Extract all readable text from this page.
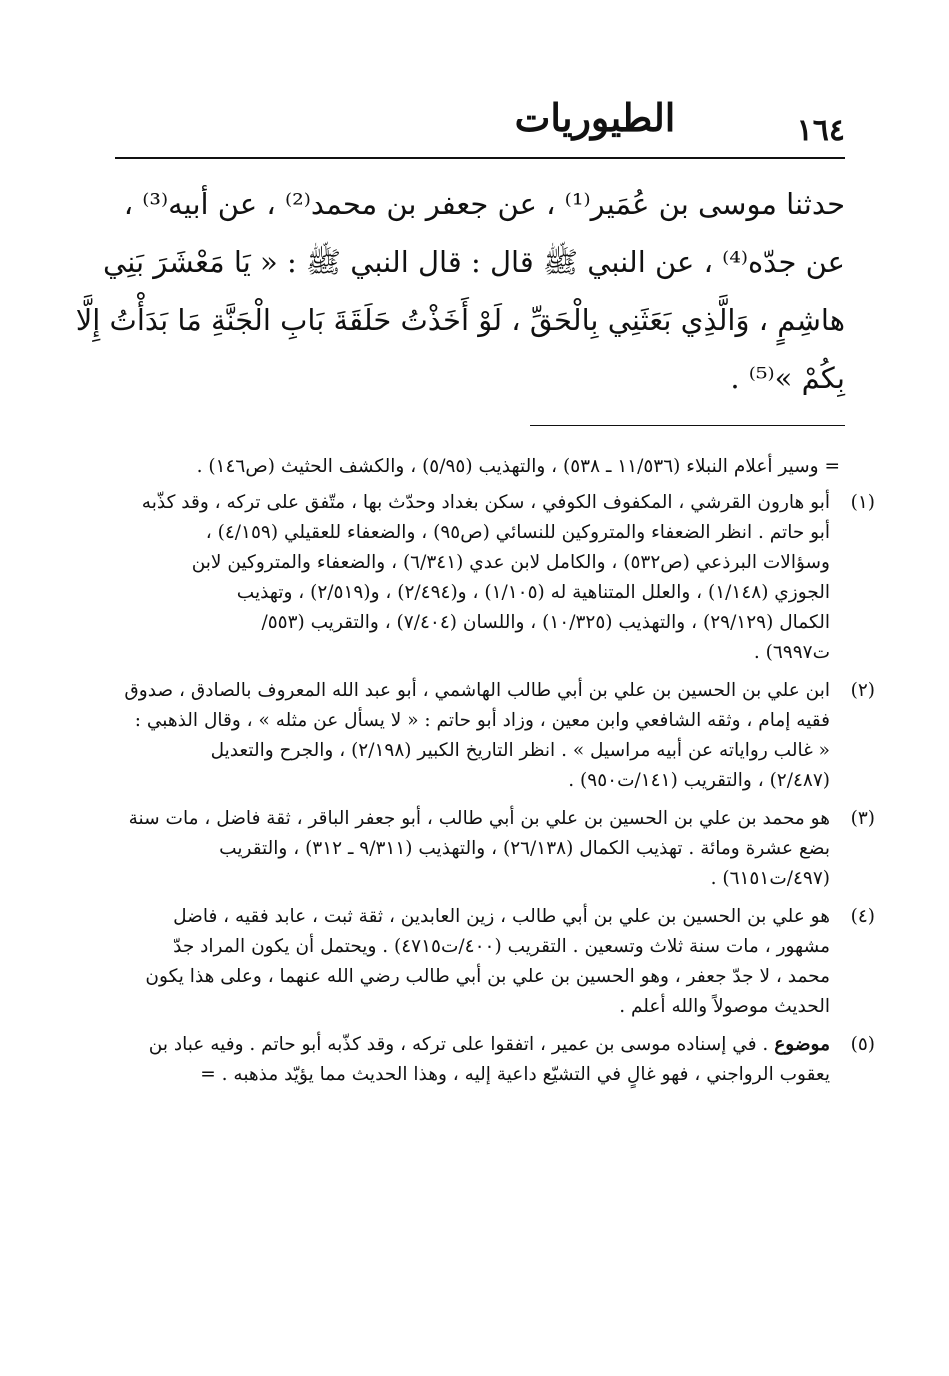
الطيوريات	١٦٤
حدثنا موسى بن عُمَير⁽¹⁾ ، عن جعفر بن محمد⁽²⁾ ، عن أبيه⁽³⁾ ،
عن جدّه⁽⁴⁾ ، عن النبي ﷺ قال : قال النبي ﷺ : « يَا مَعْشَرَ بَنِي
هاشِمٍ ، وَالَّذِي بَعَثَنِي بِالْحَقِّ ، لَوْ أَخَذْتُ حَلَقَةَ بَابِ الْجَنَّةِ مَا بَدَأْتُ إِلَّا
بِكُمْ »⁽⁵⁾ .
= وسير أعلام النبلاء (١١/٥٣٦ ـ ٥٣٨) ، والتهذيب (٥/٩٥) ، والكشف الحثيث (ص١٤٦) .
(١)
أبو هارون القرشي ، المكفوف الكوفي ، سكن بغداد وحدّث بها ، متّفق على تركه ، وقد كذّبه
أبو حاتم . انظر الضعفاء والمتروكين للنسائي (ص٩٥) ، والضعفاء للعقيلي (٤/١٥٩) ،
وسؤالات البرذعي (ص٥٣٢) ، والكامل لابن عدي (٦/٣٤١) ، والضعفاء والمتروكين لابن
الجوزي (١/١٤٨) ، والعلل المتناهية له (١/١٠٥) ، و(٢/٤٩٤) ، و(٢/٥١٩) ، وتهذيب
الكمال (٢٩/١٢٩) ، والتهذيب (١٠/٣٢٥) ، واللسان (٧/٤٠٤) ، والتقريب (٥٥٣/
ت٦٩٩٧) .
(٢)
ابن علي بن الحسين بن علي بن أبي طالب الهاشمي ، أبو عبد الله المعروف بالصادق ، صدوق
فقيه إمام ، وثقه الشافعي وابن معين ، وزاد أبو حاتم : « لا يسأل عن مثله » ، وقال الذهبي :
« غالب رواياته عن أبيه مراسيل » . انظر التاريخ الكبير (٢/١٩٨) ، والجرح والتعديل
(٢/٤٨٧) ، والتقريب (١٤١/ت٩٥٠) .
(٣)
هو محمد بن علي بن الحسين بن علي بن أبي طالب ، أبو جعفر الباقر ، ثقة فاضل ، مات سنة
بضع عشرة ومائة . تهذيب الكمال (٢٦/١٣٨) ، والتهذيب (٩/٣١١ ـ ٣١٢) ، والتقريب
(٤٩٧/ت٦١٥١) .
(٤)
هو علي بن الحسين بن علي بن أبي طالب ، زين العابدين ، ثقة ثبت ، عابد فقيه ، فاضل
مشهور ، مات سنة ثلاث وتسعين . التقريب (٤٠٠/ت٤٧١٥) . ويحتمل أن يكون المراد جدّ
محمد ، لا جدّ جعفر ، وهو الحسين بن علي بن أبي طالب رضي الله عنهما ، وعلى هذا يكون
الحديث موصولاً والله أعلم .
(٥)
موضوع . في إسناده موسى بن عمير ، اتفقوا على تركه ، وقد كذّبه أبو حاتم . وفيه عباد بن
يعقوب الرواجني ، فهو غالٍ في التشيّع داعية إليه ، وهذا الحديث مما يؤيّد مذهبه . =
